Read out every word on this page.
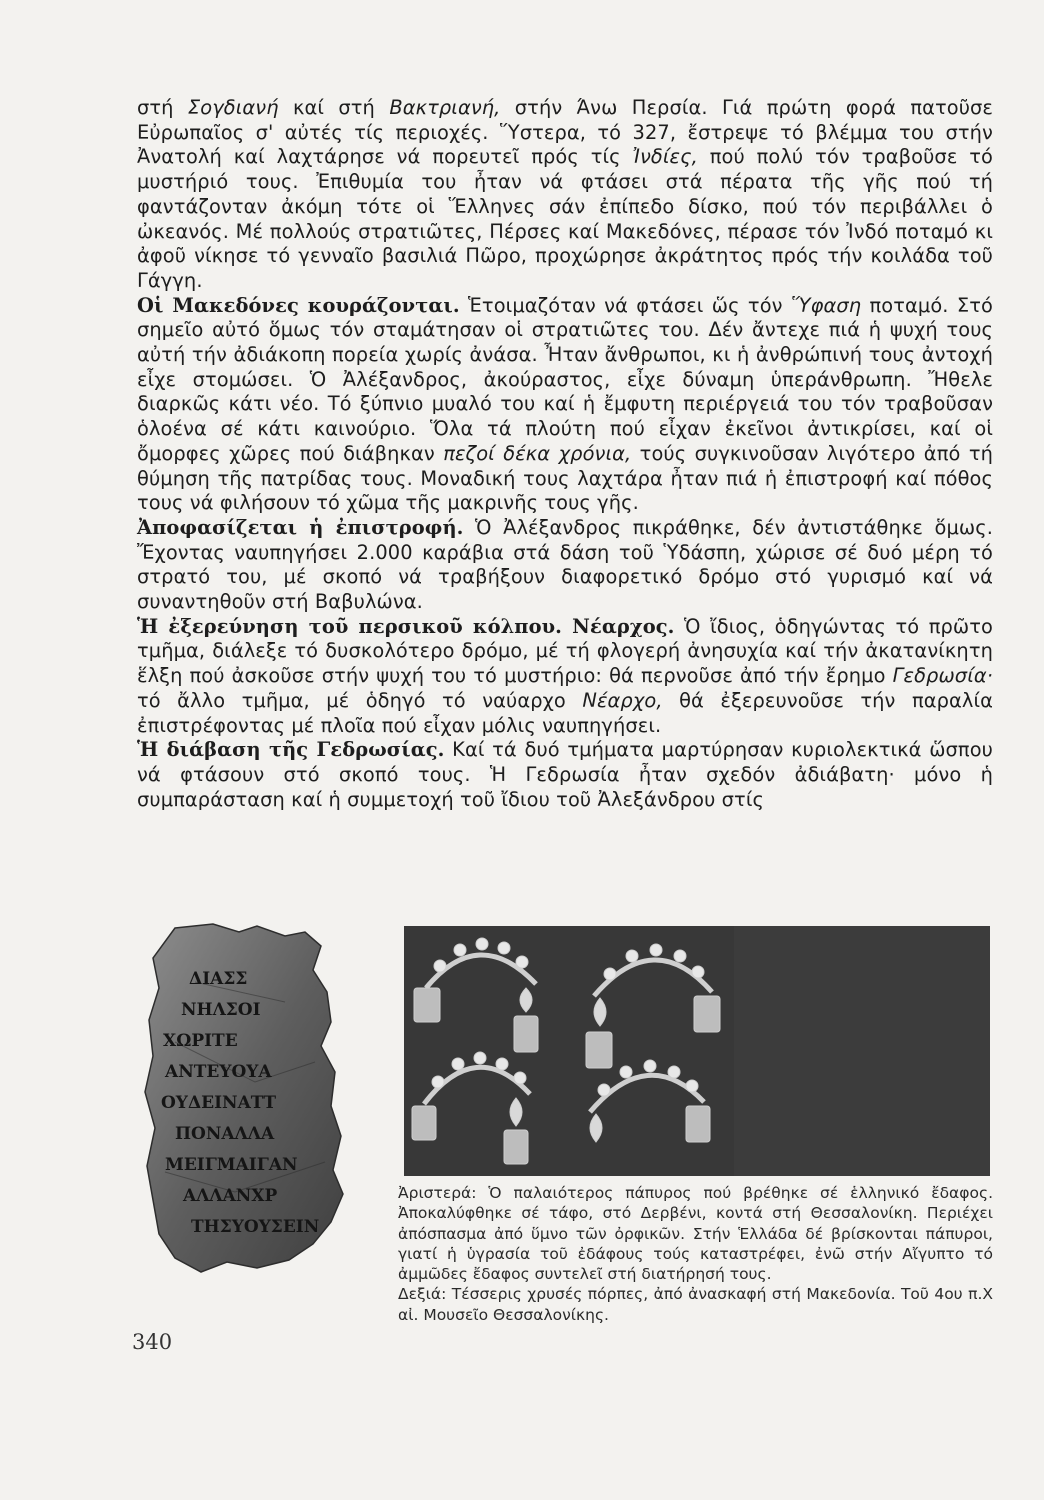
στή Σογδιανή καί στή Βακτριανή, στήν Άνω Περσία. Γιά πρώτη φορά πατοῦσε Εὐρωπαῖος σ' αὐτές τίς περιοχές. Ὕστερα, τό 327, ἔστρεψε τό βλέμμα του στήν Ἀνατολή καί λαχτάρησε νά πορευτεῖ πρός τίς Ἰνδίες, πού πολύ τόν τραβοῦσε τό μυστήριό τους. Ἐπιθυμία του ἦταν νά φτάσει στά πέρατα τῆς γῆς πού τή φαντάζονταν ἀκόμη τότε οἱ Ἕλληνες σάν ἐπίπεδο δίσκο, πού τόν περιβάλλει ὁ ὠκεανός. Μέ πολλούς στρατιῶτες, Πέρσες καί Μακεδόνες, πέρασε τόν Ἰνδό ποταμό κι ἀφοῦ νίκησε τό γενναῖο βασιλιά Πῶρο, προχώρησε ἀκράτητος πρός τήν κοιλάδα τοῦ Γάγγη.

Οἱ Μακεδόνες κουράζονται. Ἑτοιμαζόταν νά φτάσει ὥς τόν Ὕφαση ποταμό. Στό σημεῖο αὐτό ὅμως τόν σταμάτησαν οἱ στρατιῶτες του. Δέν ἄντεχε πιά ἡ ψυχή τους αὐτή τήν ἀδιάκοπη πορεία χωρίς ἀνάσα. Ἦταν ἄνθρωποι, κι ἡ ἀνθρώπινή τους ἀντοχή εἶχε στομώσει. Ὁ Ἀλέξανδρος, ἀκούραστος, εἶχε δύναμη ὑπεράνθρωπη. Ἤθελε διαρκῶς κάτι νέο. Τό ξύπνιο μυαλό του καί ἡ ἔμφυτη περιέργειά του τόν τραβοῦσαν ὁλοένα σέ κάτι καινούριο. Ὅλα τά πλούτη πού εἶχαν ἐκεῖνοι ἀντικρίσει, καί οἱ ὄμορφες χῶρες πού διάβηκαν πεζοί δέκα χρόνια, τούς συγκινοῦσαν λιγότερο ἀπό τή θύμηση τῆς πατρίδας τους. Μοναδική τους λαχτάρα ἦταν πιά ἡ ἐπιστροφή καί πόθος τους νά φιλήσουν τό χῶμα τῆς μακρινῆς τους γῆς.

Ἀποφασίζεται ἡ ἐπιστροφή. Ὁ Ἀλέξανδρος πικράθηκε, δέν ἀντιστάθηκε ὅμως. Ἔχοντας ναυπηγήσει 2.000 καράβια στά δάση τοῦ Ὑδάσπη, χώρισε σέ δυό μέρη τό στρατό του, μέ σκοπό νά τραβήξουν διαφορετικό δρόμο στό γυρισμό καί νά συναντηθοῦν στή Βαβυλώνα.

Ἡ ἐξερεύνηση τοῦ περσικοῦ κόλπου. Νέαρχος. Ὁ ἴδιος, ὁδηγώντας τό πρῶτο τμῆμα, διάλεξε τό δυσκολότερο δρόμο, μέ τή φλογερή ἀνησυχία καί τήν ἀκατανίκητη ἕλξη πού ἀσκοῦσε στήν ψυχή του τό μυστήριο: θά περνοῦσε ἀπό τήν ἔρημο Γεδρωσία· τό ἄλλο τμῆμα, μέ ὁδηγό τό ναύαρχο Νέαρχο, θά ἐξερευνοῦσε τήν παραλία ἐπιστρέφοντας μέ πλοῖα πού εἶχαν μόλις ναυπηγήσει.

Ἡ διάβαση τῆς Γεδρωσίας. Καί τά δυό τμήματα μαρτύρησαν κυριολεκτικά ὥσπου νά φτάσουν στό σκοπό τους. Ἡ Γεδρωσία ἦταν σχεδόν ἀδιάβατη· μόνο ἡ συμπαράσταση καί ἡ συμμετοχή τοῦ ἴδιου τοῦ Ἀλεξάνδρου στίς

ΔΙΑΣΣ
ΝΗΛΣΟΙ
ΧΩΡΙΤΕ
ΑΝΤΕΥΟΥΑ
ΟΥΔΕΙΝΑΤΤ
ΠΟΝΑΛΛΑ
ΜΕΙΓΜΑΙΓΑΝ
ΑΛΛΑΝΧΡ
ΤΗΣΥΟΥΣΕΙΝ

Ἀριστερά: Ὁ παλαιότερος πάπυρος πού βρέθηκε σέ ἑλληνικό ἔδαφος. Ἀποκαλύφθηκε σέ τάφο, στό Δερβένι, κοντά στή Θεσσαλονίκη. Περιέχει ἀπόσπασμα ἀπό ὕμνο τῶν ὀρφικῶν. Στήν Ἑλλάδα δέ βρίσκονται πάπυροι, γιατί ἡ ὑγρασία τοῦ ἐδάφους τούς καταστρέφει, ἐνῶ στήν Αἴγυπτο τό ἀμμῶδες ἔδαφος συντελεῖ στή διατήρησή τους.

Δεξιά: Τέσσερις χρυσές πόρπες, ἀπό ἀνασκαφή στή Μακεδονία. Τοῦ 4ου π.Χ αἰ. Μουσεῖο Θεσσαλονίκης.

340
